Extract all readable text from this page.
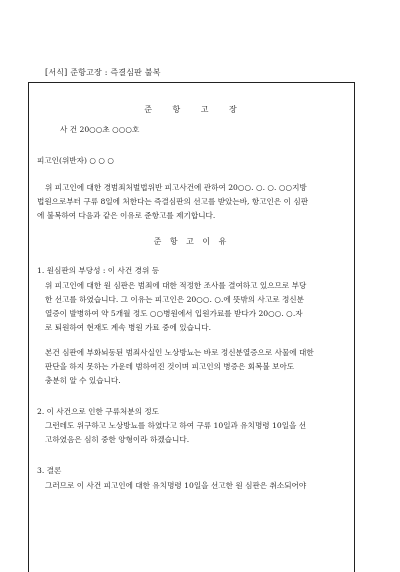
[서식] 준항고장 : 즉결심판 불복
준 항 고 장
사 건 20○○초 ○○○호
피고인(위반자) ○ ○ ○
위 피고인에 대한 경범죄처벌법위반 피고사건에 관하여 20○○. ○. ○. ○○지방
법원으로부터 구류 8일에 처한다는 즉결심판의 선고를 받았는바, 항고인은 이 심판
에 불복하여 다음과 같은 이유로 준항고를 제기합니다.
준 항 고 이 유
1. 원심판의 부당성 : 이 사건 경위 등
위 피고인에 대한 원 심판은 범죄에 대한 적정한 조사를 결여하고 있으므로 부당
한 선고를 하였습니다. 그 이유는 피고인은 20○○. ○.에 뜻밖의 사고로 정신분
열증이 발병하여 약 5개월 정도 ○○병원에서 입원가료를 받다가 20○○. ○.자
로 퇴원하여 현재도 계속 병원 가료 중에 있습니다.
본건 심판에 부화뇌동된 범죄사실인 노상방뇨는 바로 정신분열증으로 사물에 대한
판단을 하지 못하는 가운데 범하여진 것이며 피고인의 병증은 회복불 보아도
충분히 알 수 있습니다.
2. 이 사건으로 인한 구류처분의 정도
그런데도 위구하고 노상방뇨를 하였다고 하여 구류 10일과 유치명령 10일을 선
고하였음은 심히 중한 양형이라 하겠습니다.
3. 결론
그러므로 이 사건 피고인에 대한 유치명령 10일을 선고한 원 심판은 취소되어야
